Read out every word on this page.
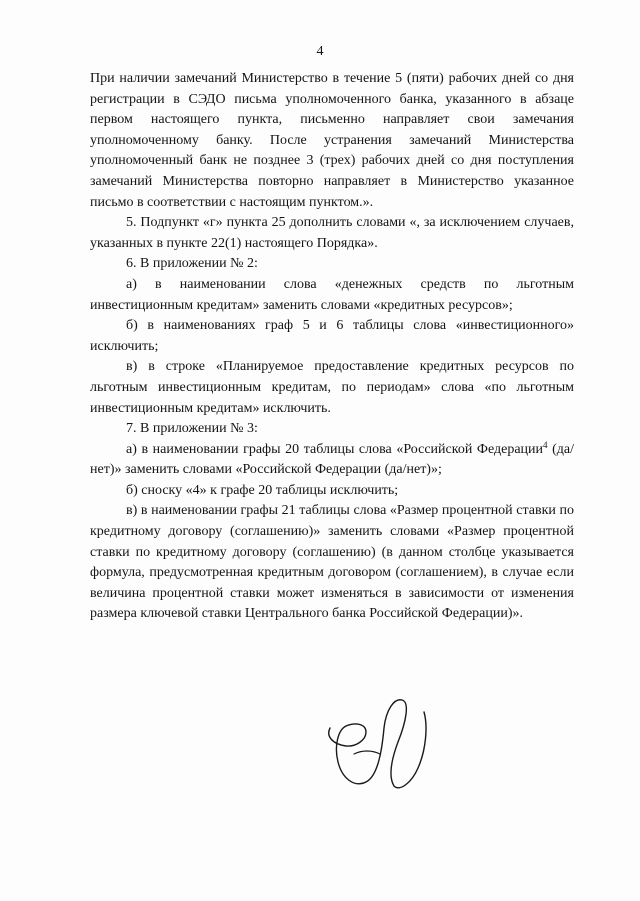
4

При наличии замечаний Министерство в течение 5 (пяти) рабочих дней со дня регистрации в СЭДО письма уполномоченного банка, указанного в абзаце первом настоящего пункта, письменно направляет свои замечания уполномоченному банку. После устранения замечаний Министерства уполномоченный банк не позднее 3 (трех) рабочих дней со дня поступления замечаний Министерства повторно направляет в Министерство указанное письмо в соответствии с настоящим пунктом.».

5. Подпункт «г» пункта 25 дополнить словами «, за исключением случаев, указанных в пункте 22(1) настоящего Порядка».

6. В приложении № 2:

а) в наименовании слова «денежных средств по льготным инвестиционным кредитам» заменить словами «кредитных ресурсов»;

б) в наименованиях граф 5 и 6 таблицы слова «инвестиционного» исключить;

в) в строке «Планируемое предоставление кредитных ресурсов по льготным инвестиционным кредитам, по периодам» слова «по льготным инвестиционным кредитам» исключить.

7. В приложении № 3:

а) в наименовании графы 20 таблицы слова «Российской Федерации$^4$ (да/нет)» заменить словами «Российской Федерации (да/нет)»;

б) сноску «4» к графе 20 таблицы исключить;

в) в наименовании графы 21 таблицы слова «Размер процентной ставки по кредитному договору (соглашению)» заменить словами «Размер процентной ставки по кредитному договору (соглашению) (в данном столбце указывается формула, предусмотренная кредитным договором (соглашением), в случае если величина процентной ставки может изменяться в зависимости от изменения размера ключевой ставки Центрального банка Российской Федерации)».
